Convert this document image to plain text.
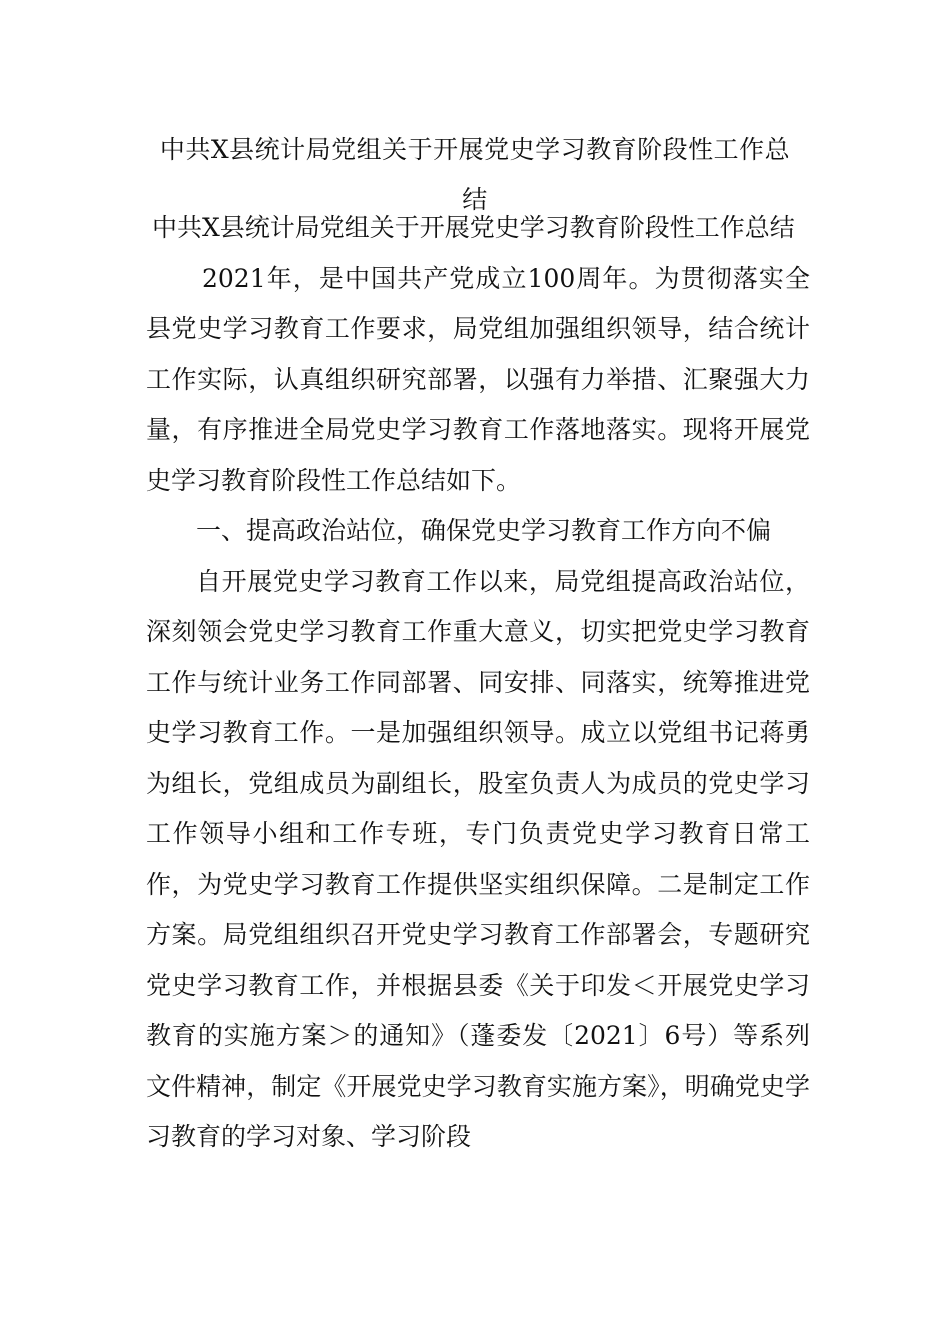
中共X县统计局党组关于开展党史学习教育阶段性工作总结

中共X县统计局党组关于开展党史学习教育阶段性工作总结

2021年，是中国共产党成立100周年。为贯彻落实全县党史学习教育工作要求，局党组加强组织领导，结合统计工作实际，认真组织研究部署，以强有力举措、汇聚强大力量，有序推进全局党史学习教育工作落地落实。现将开展党史学习教育阶段性工作总结如下。

一、提高政治站位，确保党史学习教育工作方向不偏

自开展党史学习教育工作以来，局党组提高政治站位，深刻领会党史学习教育工作重大意义，切实把党史学习教育工作与统计业务工作同部署、同安排、同落实，统筹推进党史学习教育工作。一是加强组织领导。成立以党组书记蒋勇为组长，党组成员为副组长，股室负责人为成员的党史学习工作领导小组和工作专班，专门负责党史学习教育日常工作，为党史学习教育工作提供坚实组织保障。二是制定工作方案。局党组组织召开党史学习教育工作部署会，专题研究党史学习教育工作，并根据县委《关于印发＜开展党史学习教育的实施方案＞的通知》（蓬委发〔2021〕6号）等系列文件精神，制定《开展党史学习教育实施方案》，明确党史学习教育的学习对象、学习阶段
